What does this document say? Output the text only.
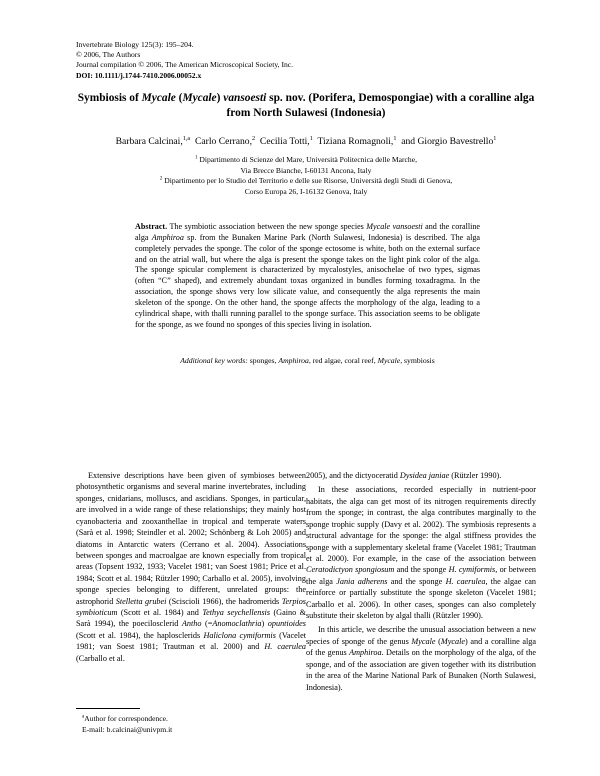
Invertebrate Biology 125(3): 195–204.
© 2006, The Authors
Journal compilation © 2006, The American Microscopical Society, Inc.
DOI: 10.1111/j.1744-7410.2006.00052.x
Symbiosis of Mycale (Mycale) vansoesti sp. nov. (Porifera, Demospongiae) with a coralline alga from North Sulawesi (Indonesia)
Barbara Calcinai,$^{1,a}$ Carlo Cerrano,$^2$ Cecilia Totti,$^1$ Tiziana Romagnoli,$^1$ and Giorgio Bavestrello$^1$
$^1$ Dipartimento di Scienze del Mare, Università Politecnica delle Marche,
Via Brecce Bianche, I-60131 Ancona, Italy
$^2$ Dipartimento per lo Studio del Territorio e delle sue Risorse, Università degli Studi di Genova,
Corso Europa 26, I-16132 Genova, Italy
Abstract. The symbiotic association between the new sponge species Mycale vansoesti and the coralline alga Amphiroa sp. from the Bunaken Marine Park (North Sulawesi, Indonesia) is described. The alga completely pervades the sponge. The color of the sponge ectosome is white, both on the external surface and on the atrial wall, but where the alga is present the sponge takes on the light pink color of the alga. The sponge spicular complement is characterized by mycalostyles, anisochelae of two types, sigmas (often “C” shaped), and extremely abundant toxas organized in bundles forming toxadragma. In the association, the sponge shows very low silicate value, and consequently the alga represents the main skeleton of the sponge. On the other hand, the sponge affects the morphology of the alga, leading to a cylindrical shape, with thalli running parallel to the sponge surface. This association seems to be obligate for the sponge, as we found no sponges of this species living in isolation.
Additional key words: sponges, Amphiroa, red algae, coral reef, Mycale, symbiosis

Extensive descriptions have been given of symbioses between photosynthetic organisms and several marine invertebrates, including sponges, cnidarians, molluscs, and ascidians. Sponges, in particular, are involved in a wide range of these relationships; they mainly host cyanobacteria and zooxanthellae in tropical and temperate waters (Sarà et al. 1998; Steindler et al. 2002; Schönberg & Loh 2005) and diatoms in Antarctic waters (Cerrano et al. 2004). Associations between sponges and macroalgae are known especially from tropical areas (Topsent 1932, 1933; Vacelet 1981; van Soest 1981; Price et al. 1984; Scott et al. 1984; Rützler 1990; Carballo et al. 2005), involving sponge species belonging to different, unrelated groups: the astrophorid Stelletta grubei (Sciscioli 1966), the hadromerids Terpios symbioticum (Scott et al. 1984) and Tethya seychellensis (Gaino & Sarà 1994), the poecilosclerid Antho (=Anomoclathria) opuntioides (Scott et al. 1984), the haplosclerids Haliclona cymiformis (Vacelet 1981; van Soest 1981; Trautman et al. 2000) and H. caerulea (Carballo et al.

2005), and the dictyoceratid Dysidea janiae (Rützler 1990).

In these associations, recorded especially in nutrient-poor habitats, the alga can get most of its nitrogen requirements directly from the sponge; in contrast, the alga contributes marginally to the sponge trophic supply (Davy et al. 2002). The symbiosis represents a structural advantage for the sponge: the algal stiffness provides the sponge with a supplementary skeletal frame (Vacelet 1981; Trautman et al. 2000). For example, in the case of the association between Ceratodictyon spongiosum and the sponge H. cymiformis, or between the alga Jania adherens and the sponge H. caerulea, the algae can reinforce or partially substitute the sponge skeleton (Vacelet 1981; Carballo et al. 2006). In other cases, sponges can also completely substitute their skeleton by algal thalli (Rützler 1990).

In this article, we describe the unusual association between a new species of sponge of the genus Mycale (Mycale) and a coralline alga of the genus Amphiroa. Details on the morphology of the alga, of the sponge, and of the association are given together with its distribution in the area of the Marine National Park of Bunaken (North Sulawesi, Indonesia).

$^a$Author for correspondence.
E-mail: b.calcinai@univpm.it
